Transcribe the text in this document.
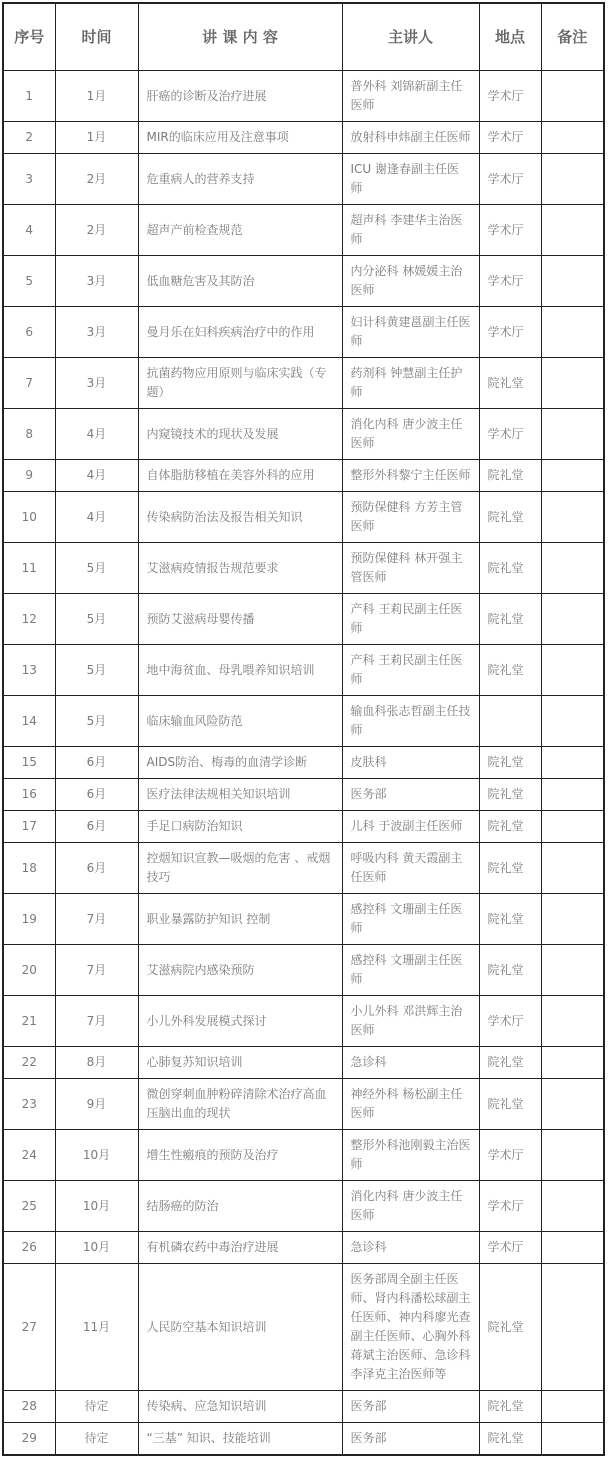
序号	时间	讲 课 内 容	主讲人	地点	备注
1	1月	肝癌的诊断及治疗进展	普外科 刘锦新副主任医师	学术厅	
2	1月	MIR的临床应用及注意事项	放射科申炜副主任医师	学术厅	
3	2月	危重病人的营养支持	ICU 谢逢春副主任医师	学术厅	
4	2月	超声产前检查规范	超声科 李建华主治医师	学术厅	
5	3月	低血糖危害及其防治	内分泌科 林媛媛主治医师	学术厅	
6	3月	曼月乐在妇科疾病治疗中的作用	妇计科黄建邕副主任医师	学术厅	
7	3月	抗菌药物应用原则与临床实践（专题）	药剂科 钟慧副主任护师	院礼堂	
8	4月	内窥镜技术的现状及发展	消化内科 唐少波主任医师	学术厅	
9	4月	自体脂肪移植在美容外科的应用	整形外科黎宁主任医师	院礼堂	
10	4月	传染病防治法及报告相关知识	预防保健科 方芳主管医师	院礼堂	
11	5月	艾滋病疫情报告规范要求	预防保健科 林开强主管医师	院礼堂	
12	5月	预防艾滋病母婴传播	产科 王莉民副主任医师	院礼堂	
13	5月	地中海贫血、母乳喂养知识培训	产科 王莉民副主任医师	院礼堂	
14	5月	临床输血风险防范	输血科张志哲副主任技师		
15	6月	AIDS防治、梅毒的血清学诊断	皮肤科	院礼堂	
16	6月	医疗法律法规相关知识培训	医务部	院礼堂	
17	6月	手足口病防治知识	儿科 于波副主任医师	院礼堂	
18	6月	控烟知识宣教—吸烟的危害 、戒烟技巧	呼吸内科 黄天霞副主任医师	院礼堂	
19	7月	职业暴露防护知识 控制	感控科 文珊副主任医师	院礼堂	
20	7月	艾滋病院内感染预防	感控科 文珊副主任医师	院礼堂	
21	7月	小儿外科发展模式探讨	小儿外科 邓洪辉主治医师	学术厅	
22	8月	心肺复苏知识培训	急诊科	院礼堂	
23	9月	微创穿刺血肿粉碎清除术治疗高血压脑出血的现状	神经外科 杨松副主任医师	院礼堂	
24	10月	增生性瘢痕的预防及治疗	整形外科池刚毅主治医师	学术厅	
25	10月	结肠癌的防治	消化内科 唐少波主任医师	学术厅	
26	10月	有机磷农药中毒治疗进展	急诊科	学术厅	
27	11月	人民防空基本知识培训	医务部周全副主任医师、肾内科潘松球副主任医师、神内科廖光查副主任医师、心胸外科蒋斌主治医师、急诊科李泽克主治医师等	院礼堂	
28	待定	传染病、应急知识培训	医务部	院礼堂	
29	待定	“三基” 知识、技能培训	医务部	院礼堂	
